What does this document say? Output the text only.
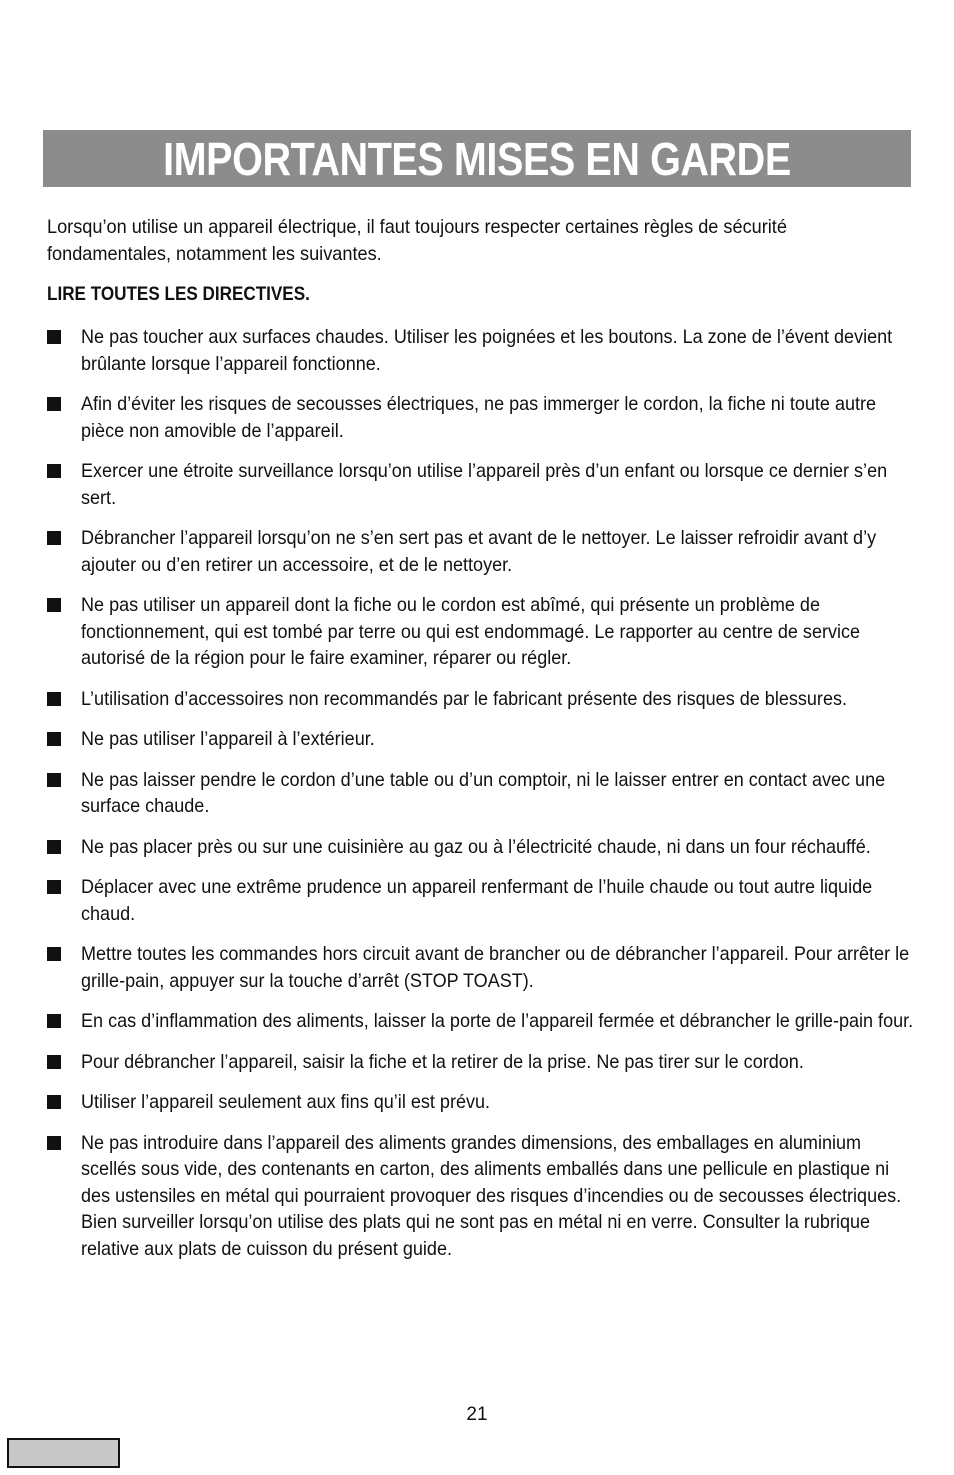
IMPORTANTES MISES EN GARDE

Lorsqu’on utilise un appareil électrique, il faut toujours respecter certaines règles de sécurité fondamentales, notamment les suivantes.

LIRE TOUTES LES DIRECTIVES.

Ne pas toucher aux surfaces chaudes. Utiliser les poignées et les boutons. La zone de l’évent devient brûlante lorsque l’appareil fonctionne.
Afin d’éviter les risques de secousses électriques, ne pas immerger le cordon, la fiche ni toute autre pièce non amovible de l’appareil.
Exercer une étroite surveillance lorsqu’on utilise l’appareil près d’un enfant ou lorsque ce dernier s’en sert.
Débrancher l’appareil lorsqu’on ne s’en sert pas et avant de le nettoyer. Le laisser refroidir avant d’y ajouter ou d’en retirer un accessoire, et de le nettoyer.
Ne pas utiliser un appareil dont la fiche ou le cordon est abîmé, qui présente un problème de fonctionnement, qui est tombé par terre ou qui est endommagé. Le rapporter au centre de service autorisé de la région pour le faire examiner, réparer ou régler.
L’utilisation d’accessoires non recommandés par le fabricant présente des risques de blessures.
Ne pas utiliser l’appareil à l’extérieur.
Ne pas laisser pendre le cordon d’une table ou d’un comptoir, ni le laisser entrer en contact avec une surface chaude.
Ne pas placer près ou sur une cuisinière au gaz ou à l’électricité chaude, ni dans un four réchauffé.
Déplacer avec une extrême prudence un appareil renfermant de l’huile chaude ou tout autre liquide chaud.
Mettre toutes les commandes hors circuit avant de brancher ou de débrancher l’appareil. Pour arrêter le grille-pain, appuyer sur la touche d’arrêt (STOP TOAST).
En cas d’inflammation des aliments, laisser la porte de l’appareil fermée et débrancher le grille-pain four.
Pour débrancher l’appareil, saisir la fiche et la retirer de la prise. Ne pas tirer sur le cordon.
Utiliser l’appareil seulement aux fins qu’il est prévu.
Ne pas introduire dans l’appareil des aliments grandes dimensions, des emballages en aluminium scellés sous vide, des contenants en carton, des aliments emballés dans une pellicule en plastique ni des ustensiles en métal qui pourraient provoquer des risques d’incendies ou de secousses électriques. Bien surveiller lorsqu’on utilise des plats qui ne sont pas en métal ni en verre. Consulter la rubrique relative aux plats de cuisson du présent guide.
21
